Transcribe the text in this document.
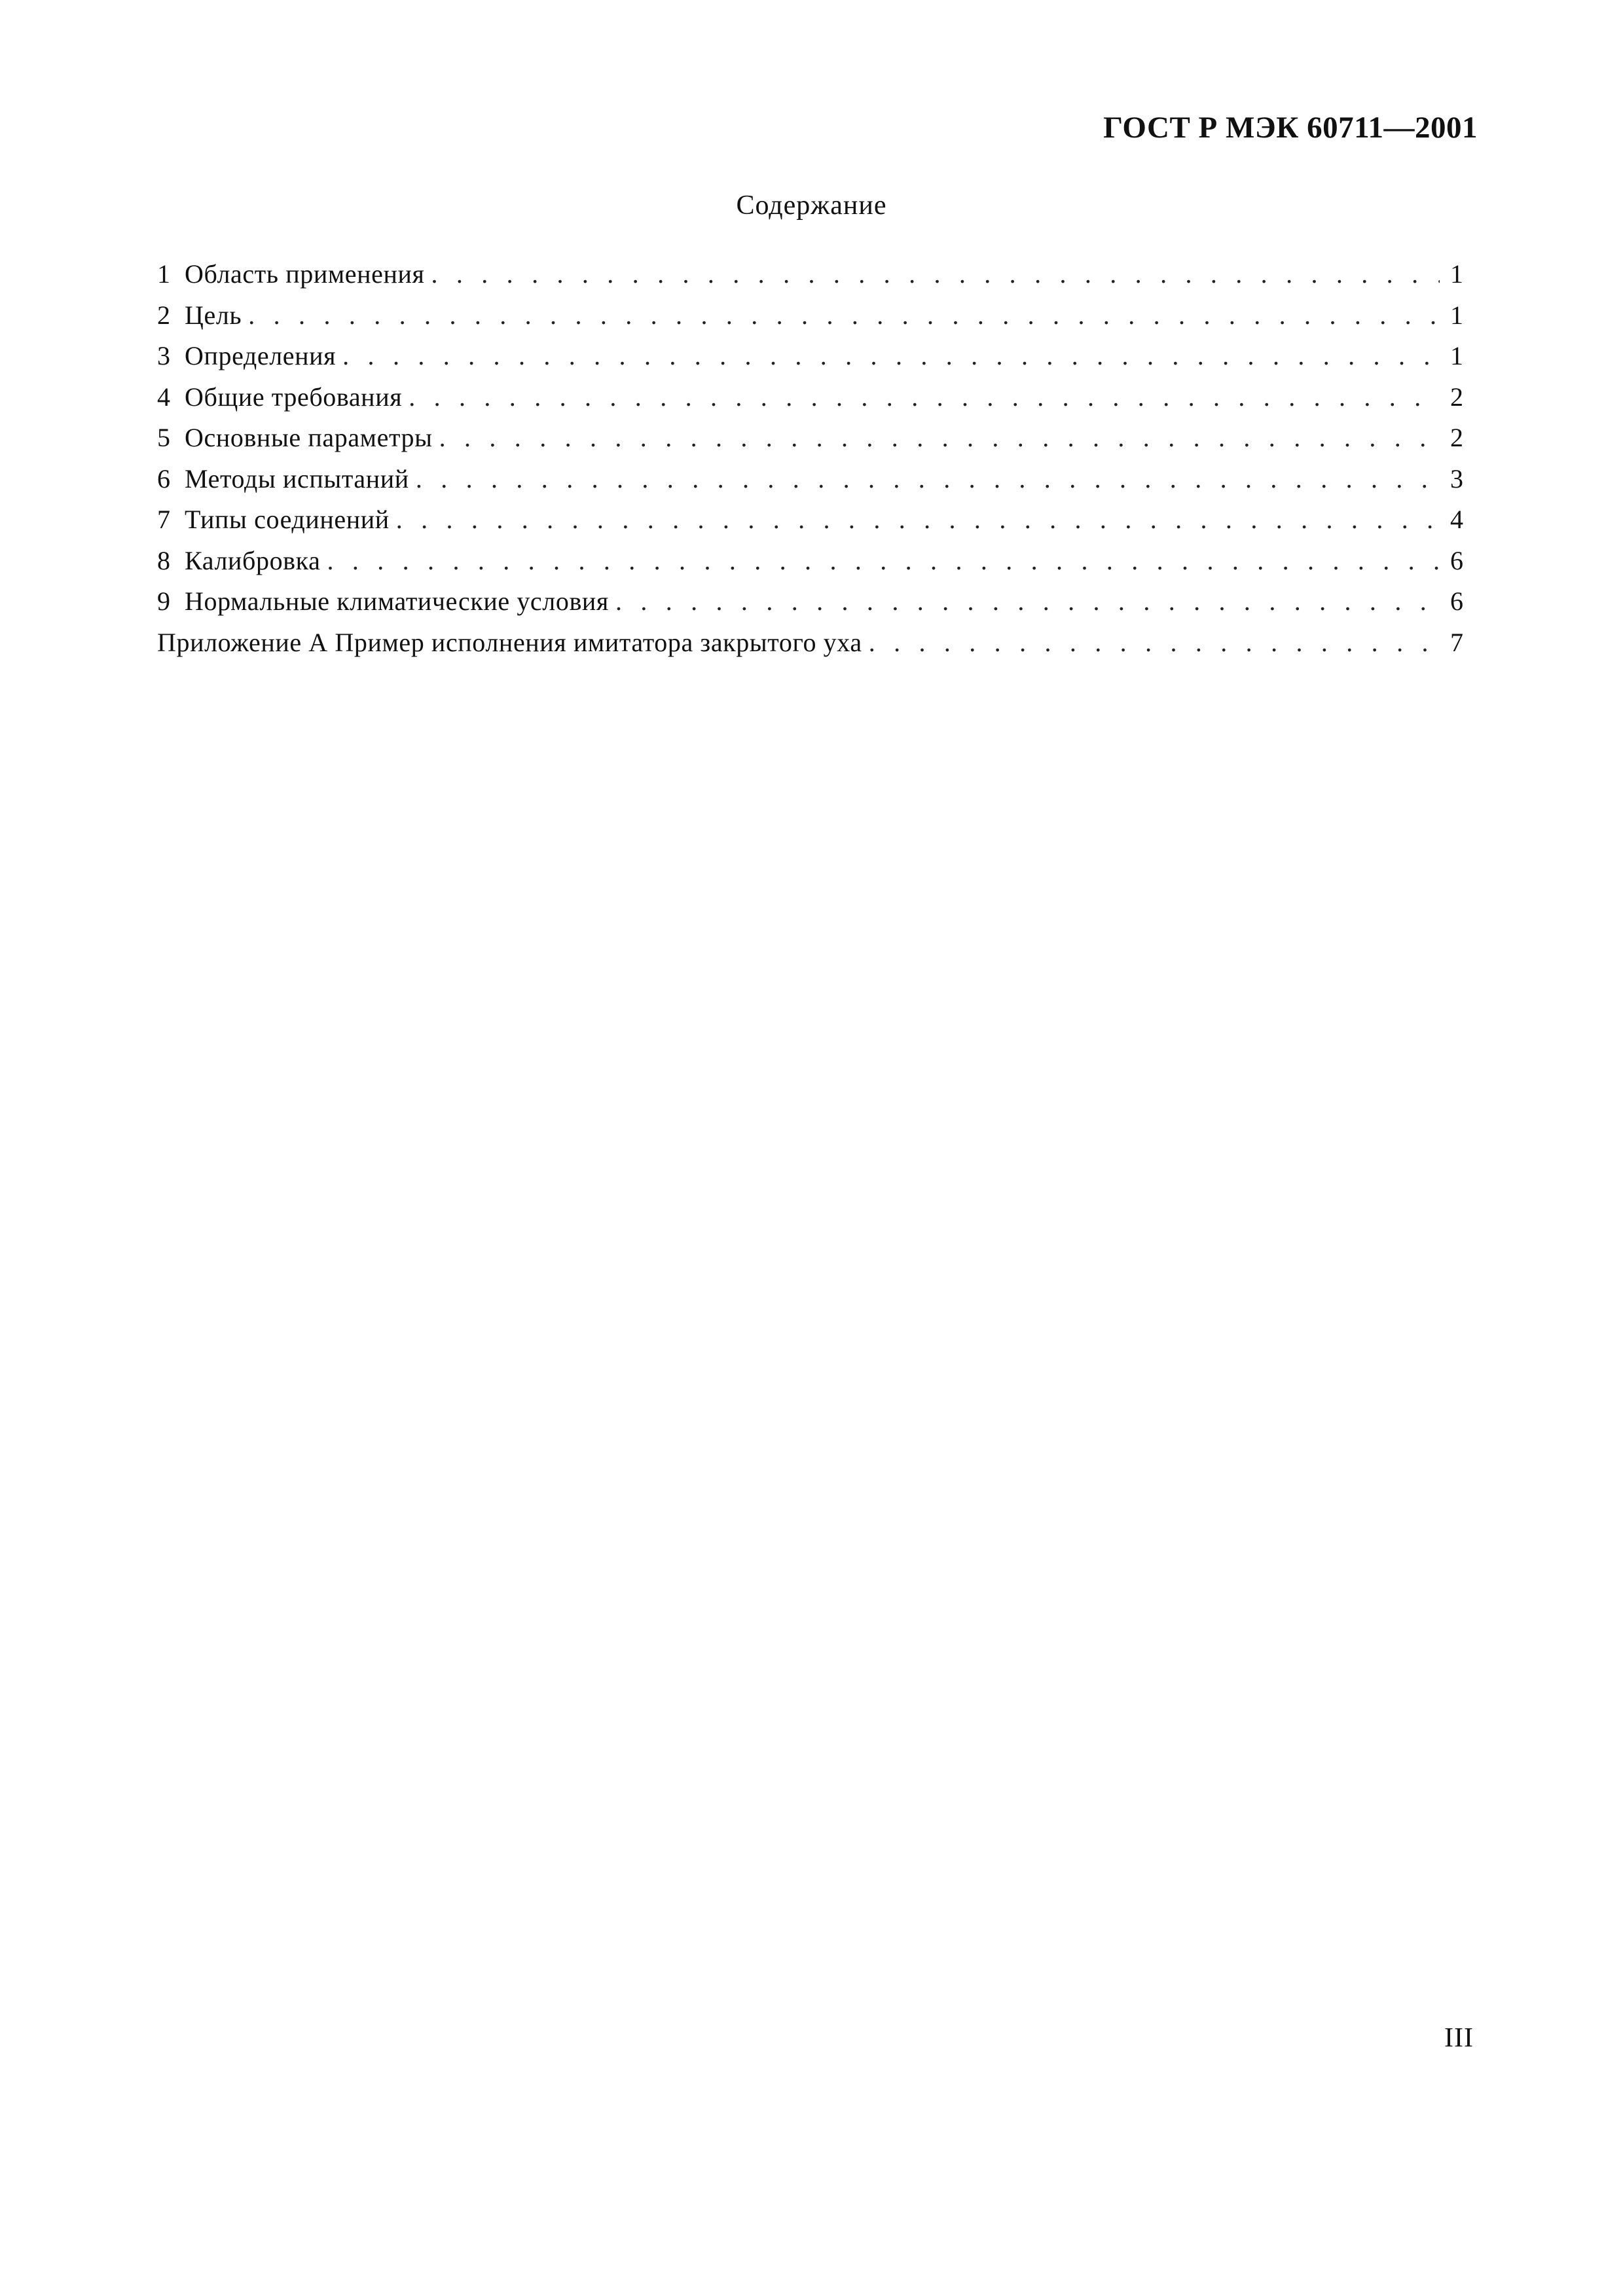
ГОСТ Р МЭК 60711—2001
Содержание
1 Область применения . . .	1
2 Цель . . .	1
3 Определения . . .	1
4 Общие требования . . .	2
5 Основные параметры . . .	2
6 Методы испытаний . . .	3
7 Типы соединений . . .	4
8 Калибровка . . .	6
9 Нормальные климатические условия . . .	6
Приложение А Пример исполнения имитатора закрытого уха . . .	7
III
